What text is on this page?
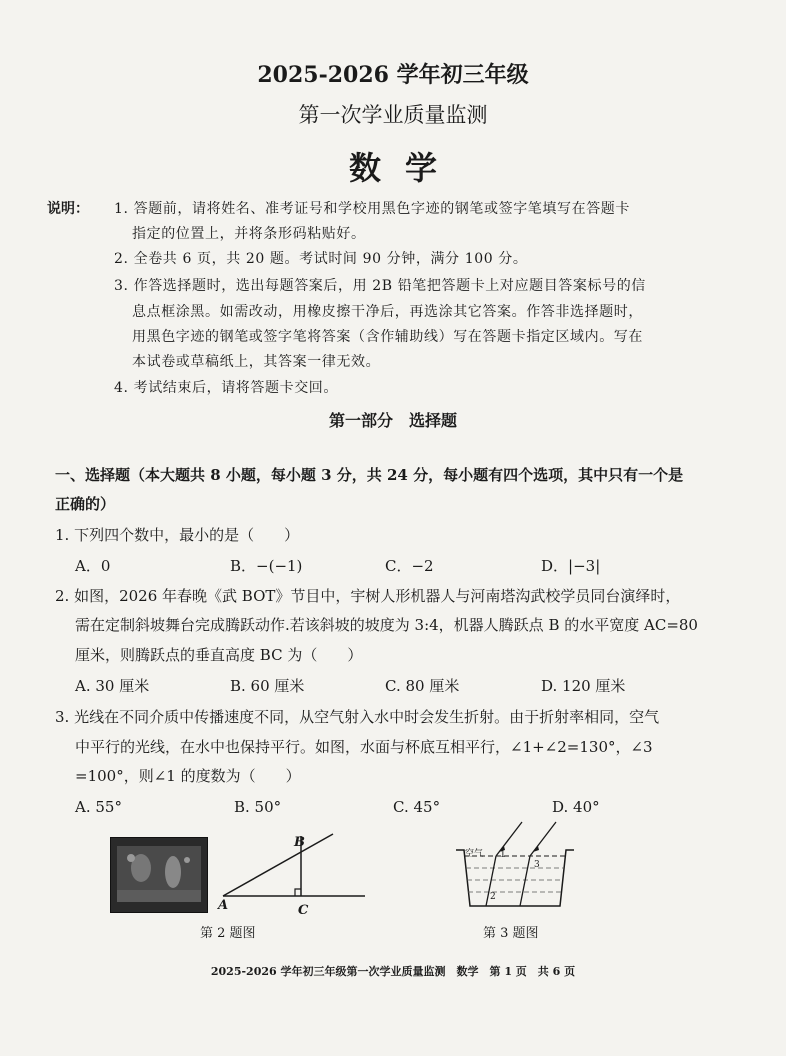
2025-2026 学年初三年级
第一次学业质量监测
数学
说明： 1. 答题前，请将姓名、准考证号和学校用黑色字迹的钢笔或签字笔填写在答题卡
指定的位置上，并将条形码粘贴好。
2. 全卷共 6 页，共 20 题。考试时间 90 分钟，满分 100 分。
3. 作答选择题时，选出每题答案后，用 2B 铅笔把答题卡上对应题目答案标号的信
息点框涂黑。如需改动，用橡皮擦干净后，再选涂其它答案。作答非选择题时，
用黑色字迹的钢笔或签字笔将答案（含作辅助线）写在答题卡指定区域内。写在
本试卷或草稿纸上，其答案一律无效。
4. 考试结束后，请将答题卡交回。
第一部分　选择题
一、选择题（本大题共 8 小题，每小题 3 分，共 24 分，每小题有四个选项，其中只有一个是
正确的）
1. 下列四个数中，最小的是（　　）
A．0	B．−(−1)	C．−2	D．|−3|
2. 如图，2026 年春晚《武 BOT》节目中，宇树人形机器人与河南塔沟武校学员同台演绎时，
需在定制斜坡舞台完成腾跃动作.若该斜坡的坡度为 3:4，机器人腾跃点 B 的水平宽度 AC=80
厘米，则腾跃点的垂直高度 BC 为（　　）
A. 30 厘米	B. 60 厘米	C. 80 厘米	D. 120 厘米
3. 光线在不同介质中传播速度不同，从空气射入水中时会发生折射。由于折射率相同，空气
中平行的光线，在水中也保持平行。如图，水面与杯底互相平行，∠1+∠2=130°，∠3
=100°，则∠1 的度数为（　　）
A. 55°	B. 50°	C. 45°	D. 40°
B
A	C
空气 1
2
3
第 2 题图	第 3 题图
2025-2026 学年初三年级第一次学业质量监测　数学　第 1 页　共 6 页
